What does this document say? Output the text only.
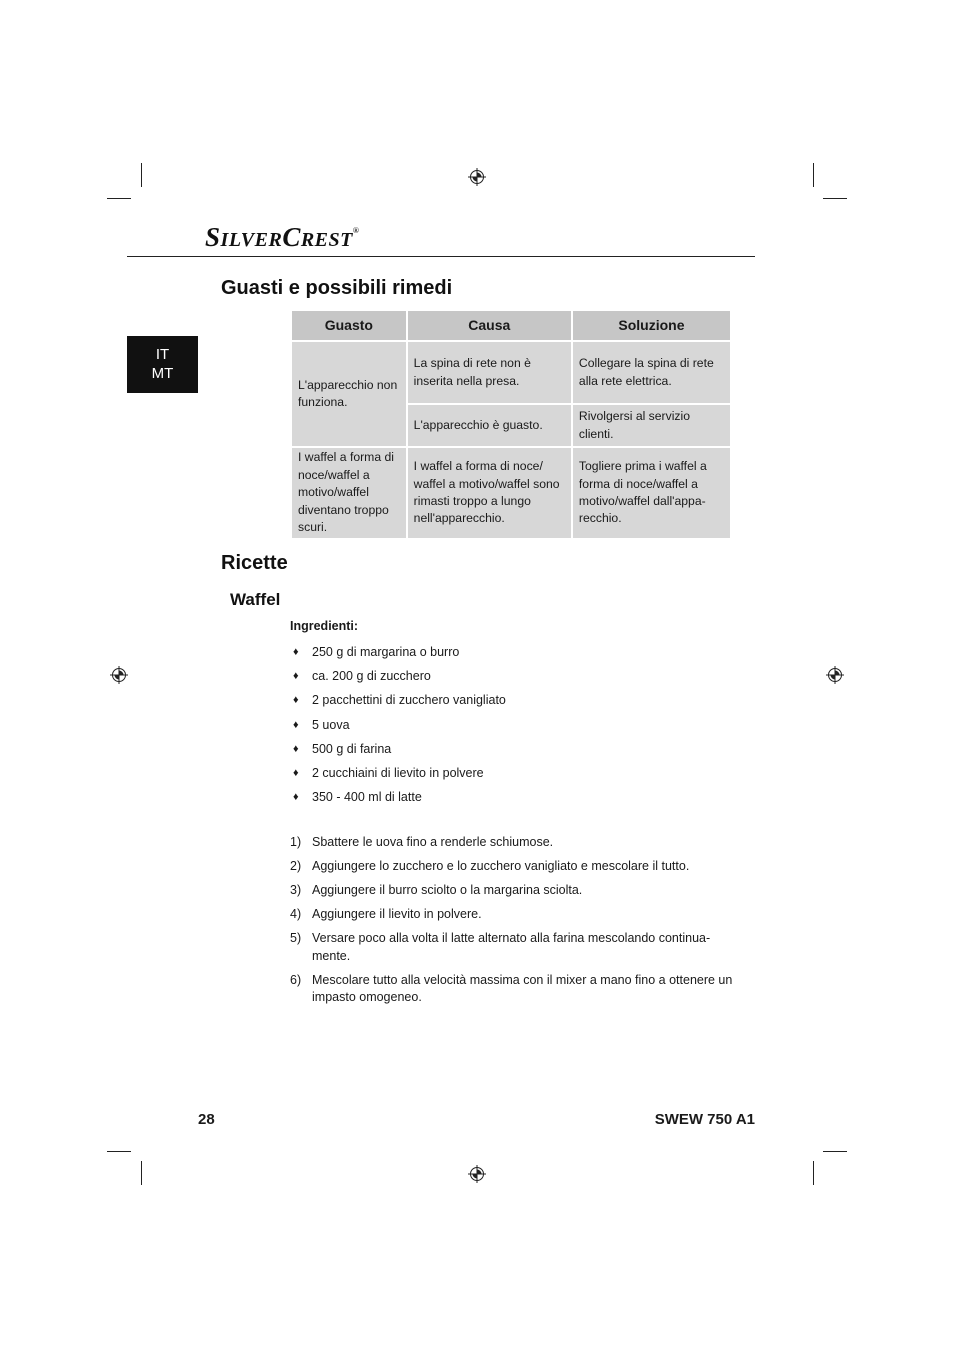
SILVERCREST®
IT
MT
Guasti e possibili rimedi
Guasto	Causa	Soluzione
L'apparecchio non funziona.	La spina di rete non è inserita nella presa.	Collegare la spina di rete alla rete elettrica.
	L'apparecchio è guasto.	Rivolgersi al servizio clienti.
I waffel a forma di noce/waffel a motivo/waffel diventano troppo scuri.	I waffel a forma di noce/ waffel a motivo/waffel sono rimasti troppo a lungo nell'apparecchio.	Togliere prima i waffel a forma di noce/waffel a motivo/waffel dall'appa- recchio.
Ricette
Waffel
Ingredienti:
♦	250 g di margarina o burro
♦	ca. 200 g di zucchero
♦	2 pacchettini di zucchero vanigliato
♦	5 uova
♦	500 g di farina
♦	2 cucchiaini di lievito in polvere
♦	350 - 400 ml di latte
1) Sbattere le uova fino a renderle schiumose.
2) Aggiungere lo zucchero e lo zucchero vanigliato e mescolare il tutto.
3) Aggiungere il burro sciolto o la margarina sciolta.
4) Aggiungere il lievito in polvere.
5) Versare poco alla volta il latte alternato alla farina mescolando continua- mente.
6) Mescolare tutto alla velocità massima con il mixer a mano fino a ottenere un impasto omogeneo.
28	SWEW 750 A1
